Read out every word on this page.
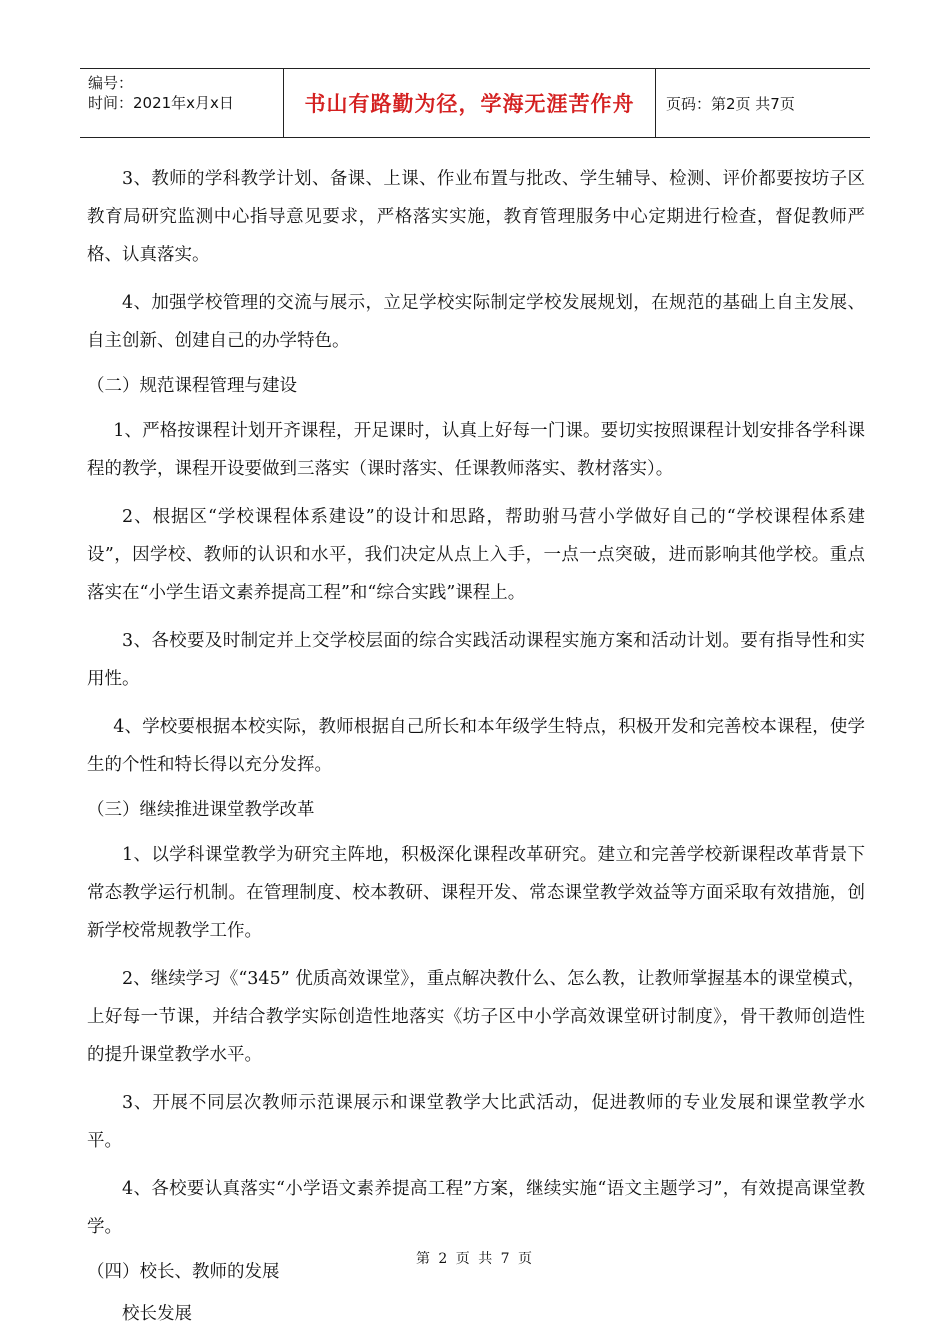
编号：
时间：2021年x月x日	书山有路勤为径，学海无涯苦作舟	页码：第2页 共7页

3、教师的学科教学计划、备课、上课、作业布置与批改、学生辅导、检测、评价都要按坊子区教育局研究监测中心指导意见要求，严格落实实施，教育管理服务中心定期进行检查，督促教师严格、认真落实。

4、加强学校管理的交流与展示，立足学校实际制定学校发展规划，在规范的基础上自主发展、自主创新、创建自己的办学特色。

（二）规范课程管理与建设

1、严格按课程计划开齐课程，开足课时，认真上好每一门课。要切实按照课程计划安排各学科课程的教学，课程开设要做到三落实（课时落实、任课教师落实、教材落实）。

2、根据区“学校课程体系建设”的设计和思路，帮助驸马营小学做好自己的“学校课程体系建设”，因学校、教师的认识和水平，我们决定从点上入手，一点一点突破，进而影响其他学校。重点落实在“小学生语文素养提高工程”和“综合实践”课程上。

3、各校要及时制定并上交学校层面的综合实践活动课程实施方案和活动计划。要有指导性和实用性。

4、学校要根据本校实际，教师根据自己所长和本年级学生特点，积极开发和完善校本课程，使学生的个性和特长得以充分发挥。

（三）继续推进课堂教学改革

1、以学科课堂教学为研究主阵地，积极深化课程改革研究。建立和完善学校新课程改革背景下常态教学运行机制。在管理制度、校本教研、课程开发、常态课堂教学效益等方面采取有效措施，创新学校常规教学工作。

2、继续学习《“345” 优质高效课堂》，重点解决教什么、怎么教，让教师掌握基本的课堂模式，上好每一节课，并结合教学实际创造性地落实《坊子区中小学高效课堂研讨制度》，骨干教师创造性的提升课堂教学水平。

3、开展不同层次教师示范课展示和课堂教学大比武活动，促进教师的专业发展和课堂教学水平。

4、各校要认真落实“小学语文素养提高工程”方案，继续实施“语文主题学习”，有效提高课堂教学。

（四）校长、教师的发展

校长发展

第 2 页 共 7 页
